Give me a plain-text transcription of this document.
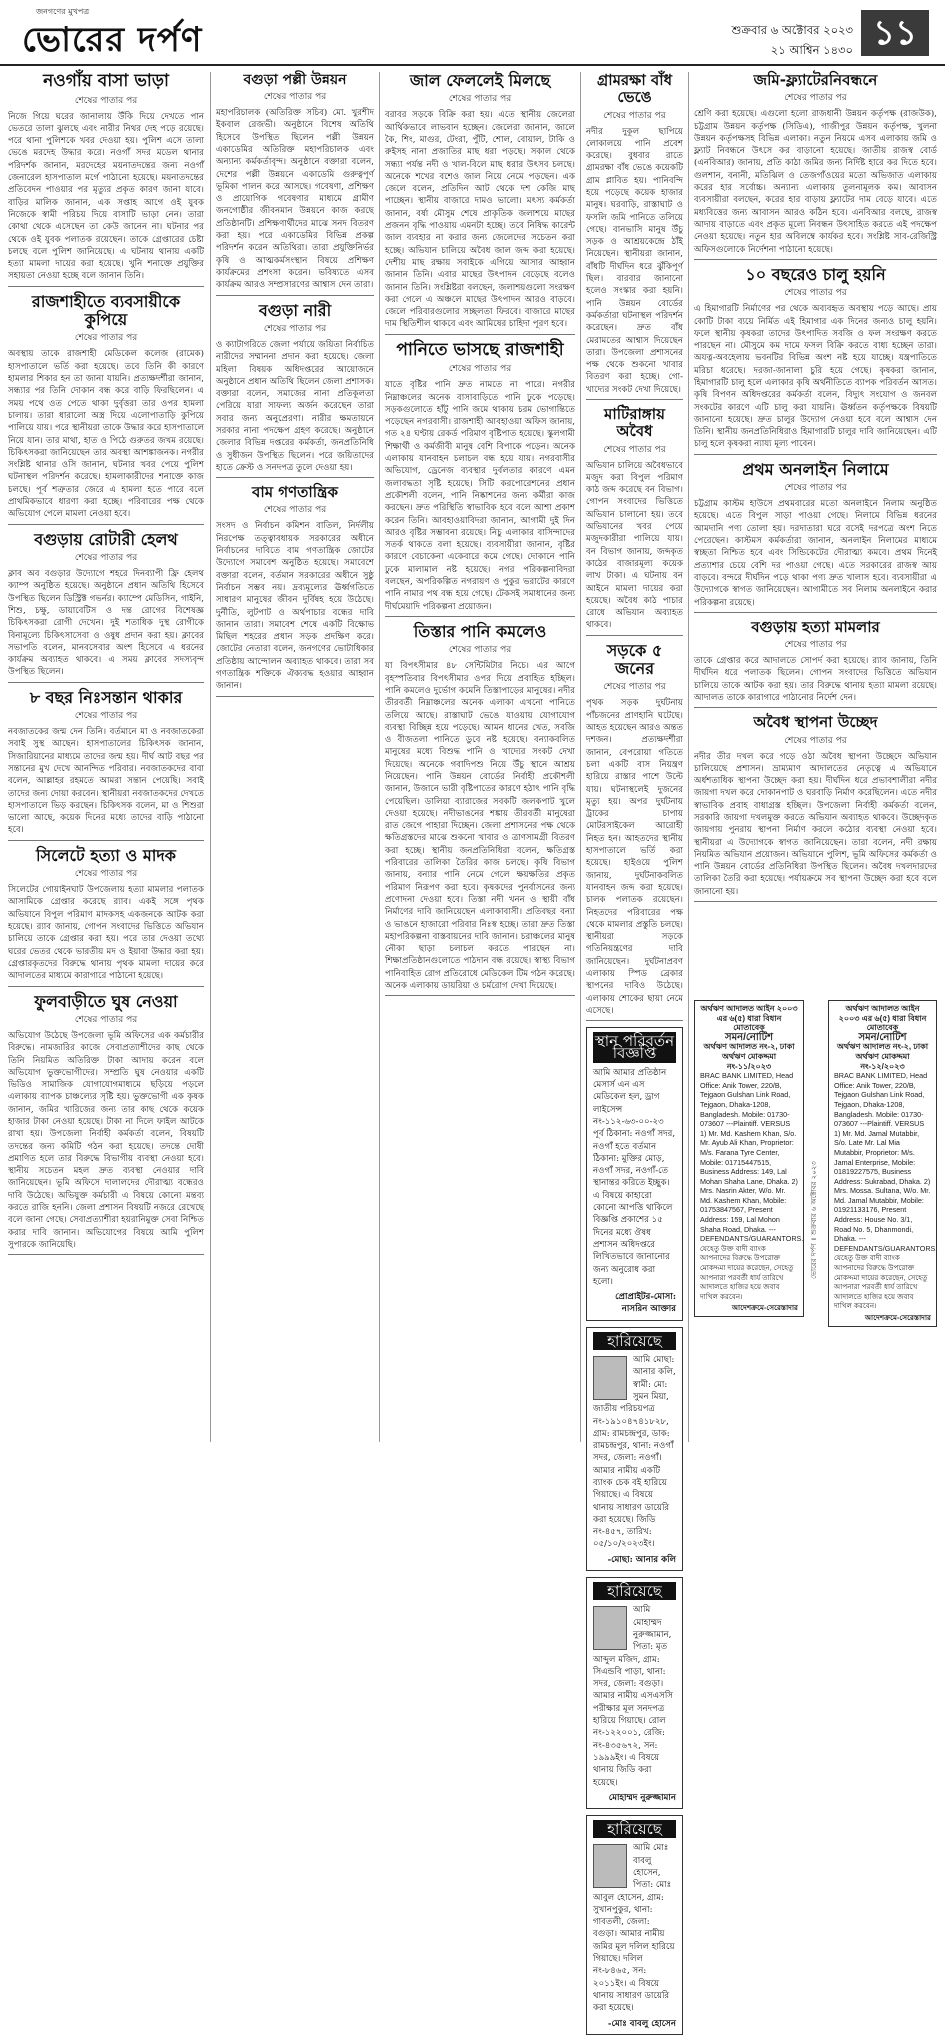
জনগণের মুখপত্র
ভোরের দর্পণ	শুক্রবার ৬ অক্টোবর ২০২৩
২১ আশ্বিন ১৪৩০ ১১
নওগাঁয় বাসা ভাড়া
শেষের পাতার পর
নিজে গিয়ে ঘরের জানালায় উঁকি দিয়ে দেখতে পান ভেতরে তালা ঝুলছে এবং নারীর নিথর দেহ পড়ে রয়েছে। পরে থানা পুলিশকে খবর দেওয়া হয়। পুলিশ এসে তালা ভেঙে মরদেহ উদ্ধার করে। নওগাঁ সদর মডেল থানার পরিদর্শক জানান, মরদেহের ময়নাতদন্তের জন্য নওগাঁ জেনারেল হাসপাতাল মর্গে পাঠানো হয়েছে। ময়নাতদন্তের প্রতিবেদন পাওয়ার পর মৃত্যুর প্রকৃত কারণ জানা যাবে। বাড়ির মালিক জানান, এক সপ্তাহ আগে ওই যুবক নিজেকে স্বামী পরিচয় দিয়ে বাসাটি ভাড়া নেন। তারা কোথা থেকে এসেছেন তা কেউ জানেন না। ঘটনার পর থেকে ওই যুবক পলাতক রয়েছেন। তাকে গ্রেপ্তারের চেষ্টা চলছে বলে পুলিশ জানিয়েছে। এ ঘটনায় থানায় একটি হত্যা মামলা দায়ের করা হয়েছে। খুনি শনাক্তে প্রযুক্তির সহায়তা নেওয়া হচ্ছে বলে জানান তিনি।
রাজশাহীতে ব্যবসায়ীকে কুপিয়ে
শেষের পাতার পর
অবস্থায় তাকে রাজশাহী মেডিকেল কলেজ (রামেক) হাসপাতালে ভর্তি করা হয়েছে। তবে তিনি কী কারণে হামলার শিকার হন তা জানা যায়নি। প্রত্যক্ষদর্শীরা জানান, সন্ধ্যার পর তিনি দোকান বন্ধ করে বাড়ি ফিরছিলেন। এ সময় পথে ওত পেতে থাকা দুর্বৃত্তরা তার ওপর হামলা চালায়। তারা ধারালো অস্ত্র দিয়ে এলোপাতাড়ি কুপিয়ে পালিয়ে যায়। পরে স্থানীয়রা তাকে উদ্ধার করে হাসপাতালে নিয়ে যান। তার মাথা, হাত ও পিঠে গুরুতর জখম রয়েছে। চিকিৎসকরা জানিয়েছেন তার অবস্থা আশঙ্কাজনক। নগরীর সংশ্লিষ্ট থানার ওসি জানান, ঘটনার খবর পেয়ে পুলিশ ঘটনাস্থল পরিদর্শন করেছে। হামলাকারীদের শনাক্তে কাজ চলছে। পূর্ব শত্রুতার জেরে এ হামলা হতে পারে বলে প্রাথমিকভাবে ধারণা করা হচ্ছে। পরিবারের পক্ষ থেকে অভিযোগ পেলে মামলা নেওয়া হবে।
বগুড়ায় রোটারী হেলথ
শেষের পাতার পর
ক্লাব অব বগুড়ার উদ্যোগে শহরে দিনব্যাপী ফ্রি হেলথ ক্যাম্প অনুষ্ঠিত হয়েছে। অনুষ্ঠানে প্রধান অতিথি হিসেবে উপস্থিত ছিলেন ডিস্ট্রিক্ট গভর্নর। ক্যাম্পে মেডিসিন, গাইনি, শিশু, চক্ষু, ডায়াবেটিস ও দন্ত রোগের বিশেষজ্ঞ চিকিৎসকরা রোগী দেখেন। দুই শতাধিক দুস্থ রোগীকে বিনামূল্যে চিকিৎসাসেবা ও ওষুধ প্রদান করা হয়। ক্লাবের সভাপতি বলেন, মানবসেবার অংশ হিসেবে এ ধরনের কার্যক্রম অব্যাহত থাকবে। এ সময় ক্লাবের সদস্যবৃন্দ উপস্থিত ছিলেন।
৮ বছর নিঃসন্তান থাকার
শেষের পাতার পর
নবজাতকের জন্ম দেন তিনি। বর্তমানে মা ও নবজাতকেরা সবাই সুস্থ আছেন। হাসপাতালের চিকিৎসক জানান, সিজারিয়ানের মাধ্যমে তাদের জন্ম হয়। দীর্ঘ আট বছর পর সন্তানের মুখ দেখে আনন্দিত পরিবার। নবজাতকদের বাবা বলেন, আল্লাহর রহমতে আমরা সন্তান পেয়েছি। সবাই তাদের জন্য দোয়া করবেন। স্থানীয়রা নবজাতকদের দেখতে হাসপাতালে ভিড় করছেন। চিকিৎসক বলেন, মা ও শিশুরা ভালো আছে, কয়েক দিনের মধ্যে তাদের বাড়ি পাঠানো হবে।
সিলেটে হত্যা ও মাদক
শেষের পাতার পর
সিলেটের গোয়াইনঘাট উপজেলায় হত্যা মামলার পলাতক আসামিকে গ্রেপ্তার করেছে র‍্যাব। একই সঙ্গে পৃথক অভিযানে বিপুল পরিমাণ মাদকসহ একজনকে আটক করা হয়েছে। র‍্যাব জানায়, গোপন সংবাদের ভিত্তিতে অভিযান চালিয়ে তাকে গ্রেপ্তার করা হয়। পরে তার দেওয়া তথ্যে ঘরের ভেতর থেকে ভারতীয় মদ ও ইয়াবা উদ্ধার করা হয়। গ্রেপ্তারকৃতদের বিরুদ্ধে থানায় পৃথক মামলা দায়ের করে আদালতের মাধ্যমে কারাগারে পাঠানো হয়েছে।
ফুলবাড়ীতে ঘুষ নেওয়া
শেষের পাতার পর
অভিযোগ উঠেছে উপজেলা ভূমি অফিসের এক কর্মচারীর বিরুদ্ধে। নামজারির কাজে সেবাপ্রত্যাশীদের কাছ থেকে তিনি নিয়মিত অতিরিক্ত টাকা আদায় করেন বলে অভিযোগ ভুক্তভোগীদের। সম্প্রতি ঘুষ নেওয়ার একটি ভিডিও সামাজিক যোগাযোগমাধ্যমে ছড়িয়ে পড়লে এলাকায় ব্যাপক চাঞ্চল্যের সৃষ্টি হয়। ভুক্তভোগী এক কৃষক জানান, জমির খারিজের জন্য তার কাছ থেকে কয়েক হাজার টাকা নেওয়া হয়েছে। টাকা না দিলে ফাইল আটকে রাখা হয়। উপজেলা নির্বাহী কর্মকর্তা বলেন, বিষয়টি তদন্তের জন্য কমিটি গঠন করা হয়েছে। তদন্তে দোষী প্রমাণিত হলে তার বিরুদ্ধে বিভাগীয় ব্যবস্থা নেওয়া হবে। স্থানীয় সচেতন মহল দ্রুত ব্যবস্থা নেওয়ার দাবি জানিয়েছেন। ভূমি অফিসে দালালদের দৌরাত্ম্য বন্ধেরও দাবি উঠেছে। অভিযুক্ত কর্মচারী এ বিষয়ে কোনো মন্তব্য করতে রাজি হননি। জেলা প্রশাসন বিষয়টি নজরে রেখেছে বলে জানা গেছে। সেবাপ্রত্যাশীরা হয়রানিমুক্ত সেবা নিশ্চিত করার দাবি জানান। অভিযোগের বিষয়ে আমি পুলিশ সুপারকে জানিয়েছি।
বগুড়া পল্লী উন্নয়ন
শেষের পাতার পর
মহাপরিচালক (অতিরিক্ত সচিব) মো. খুরশীদ ইকবাল রেজভী। অনুষ্ঠানে বিশেষ অতিথি হিসেবে উপস্থিত ছিলেন পল্লী উন্নয়ন একাডেমির অতিরিক্ত মহাপরিচালক এবং অন্যান্য কর্মকর্তাবৃন্দ। অনুষ্ঠানে বক্তারা বলেন, দেশের পল্লী উন্নয়নে একাডেমি গুরুত্বপূর্ণ ভূমিকা পালন করে আসছে। গবেষণা, প্রশিক্ষণ ও প্রায়োগিক গবেষণার মাধ্যমে গ্রামীণ জনগোষ্ঠীর জীবনমান উন্নয়নে কাজ করছে প্রতিষ্ঠানটি। প্রশিক্ষণার্থীদের মাঝে সনদ বিতরণ করা হয়। পরে একাডেমির বিভিন্ন প্রকল্প পরিদর্শন করেন অতিথিরা। তারা প্রযুক্তিনির্ভর কৃষি ও আত্মকর্মসংস্থান বিষয়ে প্রশিক্ষণ কার্যক্রমের প্রশংসা করেন। ভবিষ্যতে এসব কার্যক্রম আরও সম্প্রসারণের আশ্বাস দেন তারা।
বগুড়া নারী
শেষের পাতার পর
ও ক্যাটাগরিতে জেলা পর্যায়ে জয়িতা নির্বাচিত নারীদের সম্মাননা প্রদান করা হয়েছে। জেলা মহিলা বিষয়ক অধিদপ্তরের আয়োজনে অনুষ্ঠানে প্রধান অতিথি ছিলেন জেলা প্রশাসক। বক্তারা বলেন, সমাজের নানা প্রতিকূলতা পেরিয়ে যারা সাফল্য অর্জন করেছেন তারা সবার জন্য অনুপ্রেরণা। নারীর ক্ষমতায়নে সরকার নানা পদক্ষেপ গ্রহণ করেছে। অনুষ্ঠানে জেলার বিভিন্ন দপ্তরের কর্মকর্তা, জনপ্রতিনিধি ও সুধীজন উপস্থিত ছিলেন। পরে জয়িতাদের হাতে ক্রেস্ট ও সনদপত্র তুলে দেওয়া হয়।
বাম গণতান্ত্রিক
শেষের পাতার পর
সংসদ ও নির্বাচন কমিশন বাতিল, নির্দলীয় নিরপেক্ষ তত্ত্বাবধায়ক সরকারের অধীনে নির্বাচনের দাবিতে বাম গণতান্ত্রিক জোটের উদ্যোগে সমাবেশ অনুষ্ঠিত হয়েছে। সমাবেশে বক্তারা বলেন, বর্তমান সরকারের অধীনে সুষ্ঠু নির্বাচন সম্ভব নয়। দ্রব্যমূল্যের ঊর্ধ্বগতিতে সাধারণ মানুষের জীবন দুর্বিষহ হয়ে উঠেছে। দুর্নীতি, লুটপাট ও অর্থপাচার বন্ধের দাবি জানান তারা। সমাবেশ শেষে একটি বিক্ষোভ মিছিল শহরের প্রধান সড়ক প্রদক্ষিণ করে। জোটের নেতারা বলেন, জনগণের ভোটাধিকার প্রতিষ্ঠায় আন্দোলন অব্যাহত থাকবে। তারা সব গণতান্ত্রিক শক্তিকে ঐক্যবদ্ধ হওয়ার আহ্বান জানান।
জাল ফেললেই মিলছে
শেষের পাতার পর
বরাবর সড়কে বিক্রি করা হয়। এতে স্থানীয় জেলেরা আর্থিকভাবে লাভবান হচ্ছেন। জেলেরা জানান, জালে কৈ, শিং, মাগুর, টেংরা, পুঁটি, শোল, বোয়াল, টাকি ও রুইসহ নানা প্রজাতির মাছ ধরা পড়ছে। সকাল থেকে সন্ধ্যা পর্যন্ত নদী ও খাল-বিলে মাছ ধরার উৎসব চলছে। অনেকে শখের বশেও জাল নিয়ে নেমে পড়ছেন। এক জেলে বলেন, প্রতিদিন আট থেকে দশ কেজি মাছ পাচ্ছেন। স্থানীয় বাজারে দামও ভালো। মৎস্য কর্মকর্তা জানান, বর্ষা মৌসুম শেষে প্রাকৃতিক জলাশয়ে মাছের প্রজনন বৃদ্ধি পাওয়ায় এমনটা হচ্ছে। তবে নিষিদ্ধ কারেন্ট জাল ব্যবহার না করার জন্য জেলেদের সচেতন করা হচ্ছে। অভিযান চালিয়ে অবৈধ জাল জব্দ করা হয়েছে। দেশীয় মাছ রক্ষায় সবাইকে এগিয়ে আসার আহ্বান জানান তিনি। এবার মাছের উৎপাদন বেড়েছে বলেও জানান তিনি। সংশ্লিষ্টরা বলছেন, জলাশয়গুলো সংরক্ষণ করা গেলে এ অঞ্চলে মাছের উৎপাদন আরও বাড়বে। জেলে পরিবারগুলোর সচ্ছলতা ফিরবে। বাজারে মাছের দাম স্থিতিশীল থাকবে এবং আমিষের চাহিদা পূরণ হবে।
পানিতে ভাসছে রাজশাহী
শেষের পাতার পর
যাতে বৃষ্টির পানি দ্রুত নামতে না পারে। নগরীর নিম্নাঞ্চলের অনেক বাসাবাড়িতে পানি ঢুকে পড়েছে। সড়কগুলোতে হাঁটু পানি জমে থাকায় চরম ভোগান্তিতে পড়েছেন নগরবাসী। রাজশাহী আবহাওয়া অফিস জানায়, গত ২৪ ঘণ্টায় রেকর্ড পরিমাণ বৃষ্টিপাত হয়েছে। স্কুলগামী শিক্ষার্থী ও কর্মজীবী মানুষ বেশি বিপাকে পড়েন। অনেক এলাকায় যানবাহন চলাচল বন্ধ হয়ে যায়। নগরবাসীর অভিযোগ, ড্রেনেজ ব্যবস্থার দুর্বলতার কারণে এমন জলাবদ্ধতা সৃষ্টি হয়েছে। সিটি করপোরেশনের প্রধান প্রকৌশলী বলেন, পানি নিষ্কাশনের জন্য কর্মীরা কাজ করছেন। দ্রুত পরিস্থিতি স্বাভাবিক হবে বলে আশা প্রকাশ করেন তিনি। আবহাওয়াবিদরা জানান, আগামী দুই দিন আরও বৃষ্টির সম্ভাবনা রয়েছে। নিচু এলাকার বাসিন্দাদের সতর্ক থাকতে বলা হয়েছে। ব্যবসায়ীরা জানান, বৃষ্টির কারণে বেচাকেনা একেবারে কমে গেছে। দোকানে পানি ঢুকে মালামাল নষ্ট হয়েছে। নগর পরিকল্পনাবিদরা বলছেন, অপরিকল্পিত নগরায়ণ ও পুকুর ভরাটের কারণে পানি নামার পথ বন্ধ হয়ে গেছে। টেকসই সমাধানের জন্য দীর্ঘমেয়াদি পরিকল্পনা প্রয়োজন।
তিস্তার পানি কমলেও
শেষের পাতার পর
যা বিপৎসীমার ৪৮ সেন্টিমিটার নিচে। এর আগে বৃহস্পতিবার বিপৎসীমার ওপর দিয়ে প্রবাহিত হচ্ছিল। পানি কমলেও দুর্ভোগ কমেনি তিস্তাপাড়ের মানুষের। নদীর তীরবর্তী নিম্নাঞ্চলের অনেক এলাকা এখনো পানিতে তলিয়ে আছে। রাস্তাঘাট ভেঙে যাওয়ায় যোগাযোগ ব্যবস্থা বিচ্ছিন্ন হয়ে পড়েছে। আমন ধানের খেত, সবজি ও বীজতলা পানিতে ডুবে নষ্ট হয়েছে। বন্যাকবলিত মানুষের মধ্যে বিশুদ্ধ পানি ও খাদ্যের সংকট দেখা দিয়েছে। অনেকে গবাদিপশু নিয়ে উঁচু স্থানে আশ্রয় নিয়েছেন। পানি উন্নয়ন বোর্ডের নির্বাহী প্রকৌশলী জানান, উজানে ভারী বৃষ্টিপাতের কারণে হঠাৎ পানি বৃদ্ধি পেয়েছিল। ডালিয়া ব্যারাজের সবকটি জলকপাট খুলে দেওয়া হয়েছে। নদীভাঙনের শঙ্কায় তীরবর্তী মানুষেরা রাত জেগে পাহারা দিচ্ছেন। জেলা প্রশাসনের পক্ষ থেকে ক্ষতিগ্রস্তদের মাঝে শুকনো খাবার ও ত্রাণসামগ্রী বিতরণ করা হচ্ছে। স্থানীয় জনপ্রতিনিধিরা বলেন, ক্ষতিগ্রস্ত পরিবারের তালিকা তৈরির কাজ চলছে। কৃষি বিভাগ জানায়, বন্যার পানি নেমে গেলে ক্ষয়ক্ষতির প্রকৃত পরিমাণ নিরূপণ করা হবে। কৃষকদের পুনর্বাসনের জন্য প্রণোদনা দেওয়া হবে। তিস্তা নদী খনন ও স্থায়ী বাঁধ নির্মাণের দাবি জানিয়েছেন এলাকাবাসী। প্রতিবছর বন্যা ও ভাঙনে হাজারো পরিবার নিঃস্ব হচ্ছে। তারা দ্রুত তিস্তা মহাপরিকল্পনা বাস্তবায়নের দাবি জানান। চরাঞ্চলের মানুষ নৌকা ছাড়া চলাচল করতে পারছেন না। শিক্ষাপ্রতিষ্ঠানগুলোতে পাঠদান বন্ধ রয়েছে। স্বাস্থ্য বিভাগ পানিবাহিত রোগ প্রতিরোধে মেডিকেল টিম গঠন করেছে। অনেক এলাকায় ডায়রিয়া ও চর্মরোগ দেখা দিয়েছে।
গ্রামরক্ষা বাঁধ ভেঙে
শেষের পাতার পর
নদীর দুকূল ছাপিয়ে লোকালয়ে পানি প্রবেশ করেছে। বুধবার রাতে গ্রামরক্ষা বাঁধ ভেঙে কয়েকটি গ্রাম প্লাবিত হয়। পানিবন্দি হয়ে পড়েছে কয়েক হাজার মানুষ। ঘরবাড়ি, রাস্তাঘাট ও ফসলি জমি পানিতে তলিয়ে গেছে। বানভাসি মানুষ উঁচু সড়ক ও আশ্রয়কেন্দ্রে ঠাঁই নিয়েছেন। স্থানীয়রা জানান, বাঁধটি দীর্ঘদিন ধরে ঝুঁকিপূর্ণ ছিল। বারবার জানানো হলেও সংস্কার করা হয়নি। পানি উন্নয়ন বোর্ডের কর্মকর্তারা ঘটনাস্থল পরিদর্শন করেছেন। দ্রুত বাঁধ মেরামতের আশ্বাস দিয়েছেন তারা। উপজেলা প্রশাসনের পক্ষ থেকে শুকনো খাবার বিতরণ করা হচ্ছে। গো-খাদ্যের সংকট দেখা দিয়েছে।
মাটিরাঙ্গায় অবৈধ
শেষের পাতার পর
অভিযান চালিয়ে অবৈধভাবে মজুদ করা বিপুল পরিমাণ কাঠ জব্দ করেছে বন বিভাগ। গোপন সংবাদের ভিত্তিতে অভিযান চালানো হয়। তবে অভিযানের খবর পেয়ে মজুদকারীরা পালিয়ে যায়। বন বিভাগ জানায়, জব্দকৃত কাঠের বাজারমূল্য কয়েক লাখ টাকা। এ ঘটনায় বন আইনে মামলা দায়ের করা হয়েছে। অবৈধ কাঠ পাচার রোধে অভিযান অব্যাহত থাকবে।
সড়কে ৫ জনের
শেষের পাতার পর
পৃথক সড়ক দুর্ঘটনায় পাঁচজনের প্রাণহানি ঘটেছে। আহত হয়েছেন আরও অন্তত দশজন। প্রত্যক্ষদর্শীরা জানান, বেপরোয়া গতিতে চলা একটি বাস নিয়ন্ত্রণ হারিয়ে রাস্তার পাশে উল্টে যায়। ঘটনাস্থলেই দুজনের মৃত্যু হয়। অপর দুর্ঘটনায় ট্রাকের চাপায় মোটরসাইকেল আরোহী নিহত হন। আহতদের স্থানীয় হাসপাতালে ভর্তি করা হয়েছে। হাইওয়ে পুলিশ জানায়, দুর্ঘটনাকবলিত যানবাহন জব্দ করা হয়েছে। চালক পলাতক রয়েছেন। নিহতদের পরিবারের পক্ষ থেকে মামলার প্রস্তুতি চলছে। স্থানীয়রা সড়কে গতিনিয়ন্ত্রণের দাবি জানিয়েছেন। দুর্ঘটনাপ্রবণ এলাকায় স্পিড ব্রেকার স্থাপনের দাবিও উঠেছে। এলাকায় শোকের ছায়া নেমে এসেছে।
স্থান পরিবর্তন বিজ্ঞপ্তি
আমি আমার প্রতিষ্ঠান মেসার্স এন এস মেডিকেল হল, ড্রাগ লাইসেন্স নং-১১২-৬৩-০০-২৩ পূর্ব ঠিকানা: নওগাঁ সদর, নওগাঁ হতে বর্তমান ঠিকানা: মুক্তির মোড়, নওগাঁ সদর, নওগাঁ-তে স্থানান্তর করিতে ইচ্ছুক। এ বিষয়ে কাহারো কোনো আপত্তি থাকিলে বিজ্ঞপ্তি প্রকাশের ১৫ দিনের মধ্যে ঔষধ প্রশাসন অধিদপ্তরে লিখিতভাবে জানানোর জন্য অনুরোধ করা হলো।
প্রোপ্রাইটর-মোসা: নাসরিন আক্তার
হারিয়েছে
আমি মোছা: আনার কলি, স্বামী: মো: সুমন মিয়া, জাতীয় পরিচয়পত্র নং-১৯১০৪৭৪১৮২৮, গ্রাম: রামচন্দ্রপুর, ডাক: রামচন্দ্রপুর, থানা: নওগাঁ সদর, জেলা: নওগাঁ। আমার নামীয় একটি ব্যাংক চেক বই হারিয়ে গিয়াছে। এ বিষয়ে থানায় সাধারণ ডায়েরি করা হয়েছে। জিডি নং-৪৫৭, তারিখ: ০৫/১০/২০২৩ইং।
-মোছা: আনার কলি
হারিয়েছে
আমি মোহাম্মদ নুরুজ্জামান, পিতা: মৃত আব্দুল মজিদ, গ্রাম: সিএন্ডবি পাড়া, থানা: সদর, জেলা: বগুড়া। আমার নামীয় এসএসসি পরীক্ষার মূল সনদপত্র হারিয়ে গিয়াছে। রোল নং-১২২০০১, রেজি: নং-৪৩৫৬৭২, সন: ১৯৯৯ইং। এ বিষয়ে থানায় জিডি করা হয়েছে।
মোহাম্মদ নুরুজ্জামান
হারিয়েছে
আমি মোঃ বাবলু হোসেন, পিতা: মোঃ আবুল হোসেন, গ্রাম: সুখানপুকুর, থানা: গাবতলী, জেলা: বগুড়া। আমার নামীয় জমির মূল দলিল হারিয়ে গিয়াছে। দলিল নং-৮৪৬৫, সন: ২০১১ইং। এ বিষয়ে থানায় সাধারণ ডায়েরি করা হয়েছে।
-মোঃ বাবলু হোসেন
জমি-ফ্ল্যাটেরনিবন্ধনে
শেষের পাতার পর
শ্রেণি করা হয়েছে। এগুলো হলো রাজধানী উন্নয়ন কর্তৃপক্ষ (রাজউক), চট্টগ্রাম উন্নয়ন কর্তৃপক্ষ (সিডিএ), গাজীপুর উন্নয়ন কর্তৃপক্ষ, খুলনা উন্নয়ন কর্তৃপক্ষসহ বিভিন্ন এলাকা। নতুন নিয়মে এসব এলাকায় জমি ও ফ্ল্যাট নিবন্ধনে উৎসে কর বাড়ানো হয়েছে। জাতীয় রাজস্ব বোর্ড (এনবিআর) জানায়, প্রতি কাঠা জমির জন্য নির্দিষ্ট হারে কর দিতে হবে। গুলশান, বনানী, মতিঝিল ও তেজগাঁওয়ের মতো অভিজাত এলাকায় করের হার সর্বোচ্চ। অন্যান্য এলাকায় তুলনামূলক কম। আবাসন ব্যবসায়ীরা বলছেন, করের হার বাড়ায় ফ্ল্যাটের দাম বেড়ে যাবে। এতে মধ্যবিত্তের জন্য আবাসন আরও কঠিন হবে। এনবিআর বলছে, রাজস্ব আদায় বাড়াতে এবং প্রকৃত মূল্যে নিবন্ধন উৎসাহিত করতে এই পদক্ষেপ নেওয়া হয়েছে। নতুন হার অবিলম্বে কার্যকর হবে। সংশ্লিষ্ট সাব-রেজিস্ট্রি অফিসগুলোকে নির্দেশনা পাঠানো হয়েছে।
১০ বছরেও চালু হয়নি
শেষের পাতার পর
এ হিমাগারটি নির্মাণের পর থেকে অব্যবহৃত অবস্থায় পড়ে আছে। প্রায় কোটি টাকা ব্যয়ে নির্মিত এই হিমাগার এক দিনের জন্যও চালু হয়নি। ফলে স্থানীয় কৃষকরা তাদের উৎপাদিত সবজি ও ফল সংরক্ষণ করতে পারছেন না। মৌসুমে কম দামে ফসল বিক্রি করতে বাধ্য হচ্ছেন তারা। অযত্ন-অবহেলায় ভবনটির বিভিন্ন অংশ নষ্ট হয়ে যাচ্ছে। যন্ত্রপাতিতে মরিচা ধরেছে। দরজা-জানালা চুরি হয়ে গেছে। কৃষকরা জানান, হিমাগারটি চালু হলে এলাকার কৃষি অর্থনীতিতে ব্যাপক পরিবর্তন আসত। কৃষি বিপণন অধিদপ্তরের কর্মকর্তা বলেন, বিদ্যুৎ সংযোগ ও জনবল সংকটের কারণে এটি চালু করা যায়নি। ঊর্ধ্বতন কর্তৃপক্ষকে বিষয়টি জানানো হয়েছে। দ্রুত চালুর উদ্যোগ নেওয়া হবে বলে আশ্বাস দেন তিনি। স্থানীয় জনপ্রতিনিধিরাও হিমাগারটি চালুর দাবি জানিয়েছেন। এটি চালু হলে কৃষকরা ন্যায্য মূল্য পাবেন।
প্রথম অনলাইন নিলামে
শেষের পাতার পর
চট্টগ্রাম কাস্টম হাউসে প্রথমবারের মতো অনলাইনে নিলাম অনুষ্ঠিত হয়েছে। এতে বিপুল সাড়া পাওয়া গেছে। নিলামে বিভিন্ন ধরনের আমদানি পণ্য তোলা হয়। দরদাতারা ঘরে বসেই দরপত্রে অংশ নিতে পেরেছেন। কাস্টমস কর্মকর্তারা জানান, অনলাইন নিলামের মাধ্যমে স্বচ্ছতা নিশ্চিত হবে এবং সিন্ডিকেটের দৌরাত্ম্য কমবে। প্রথম দিনেই প্রত্যাশার চেয়ে বেশি দর পাওয়া গেছে। এতে সরকারের রাজস্ব আয় বাড়বে। বন্দরে দীর্ঘদিন পড়ে থাকা পণ্য দ্রুত খালাস হবে। ব্যবসায়ীরা এ উদ্যোগকে স্বাগত জানিয়েছেন। আগামীতে সব নিলাম অনলাইনে করার পরিকল্পনা রয়েছে।
বগুড়ায় হত্যা মামলার
শেষের পাতার পর
তাকে গ্রেপ্তার করে আদালতে সোপর্দ করা হয়েছে। র‍্যাব জানায়, তিনি দীর্ঘদিন ধরে পলাতক ছিলেন। গোপন সংবাদের ভিত্তিতে অভিযান চালিয়ে তাকে আটক করা হয়। তার বিরুদ্ধে থানায় হত্যা মামলা রয়েছে। আদালত তাকে কারাগারে পাঠানোর নির্দেশ দেন।
অবৈধ স্থাপনা উচ্ছেদ
শেষের পাতার পর
নদীর তীর দখল করে গড়ে ওঠা অবৈধ স্থাপনা উচ্ছেদে অভিযান চালিয়েছে প্রশাসন। ভ্রাম্যমাণ আদালতের নেতৃত্বে এ অভিযানে অর্ধশতাধিক স্থাপনা উচ্ছেদ করা হয়। দীর্ঘদিন ধরে প্রভাবশালীরা নদীর জায়গা দখল করে দোকানপাট ও ঘরবাড়ি নির্মাণ করেছিলেন। এতে নদীর স্বাভাবিক প্রবাহ বাধাগ্রস্ত হচ্ছিল। উপজেলা নির্বাহী কর্মকর্তা বলেন, সরকারি জায়গা দখলমুক্ত করতে অভিযান অব্যাহত থাকবে। উচ্ছেদকৃত জায়গায় পুনরায় স্থাপনা নির্মাণ করলে কঠোর ব্যবস্থা নেওয়া হবে। স্থানীয়রা এ উদ্যোগকে স্বাগত জানিয়েছেন। তারা বলেন, নদী রক্ষায় নিয়মিত অভিযান প্রয়োজন। অভিযানে পুলিশ, ভূমি অফিসের কর্মকর্তা ও পানি উন্নয়ন বোর্ডের প্রতিনিধিরা উপস্থিত ছিলেন। অবৈধ দখলদারদের তালিকা তৈরি করা হয়েছে। পর্যায়ক্রমে সব স্থাপনা উচ্ছেদ করা হবে বলে জানানো হয়।
অর্থঋণ আদালত আইন ২০০৩ এর ৬(৫) ধারা বিধান মোতাবেক
সমন/নোটিশ
অর্থঋণ আদালত নং-২, ঢাকা
অর্থঋণ মোকদ্দমা নং-১২/২০২৩
BRAC BANK LIMITED, Head Office: Anik Tower, 220/B, Tejgaon Gulshan Link Road, Tejgaon, Dhaka-1208, Bangladesh. Mobile: 01730-073607 ---Plaintiff. VERSUS 1) Mr. Md. Jamal Mutabbir, S/o. Late Mr. Lal Mia Mutabbir, Proprietor: M/s. Jamal Enterprise, Mobile: 01819227575, Business Address: Sukrabad, Dhaka. 2) Mrs. Mossa. Sultana, W/o. Mr. Md. Jamal Mutabbir, Mobile: 01921133176, Present Address: House No. 3/1, Road No. 5, Dhanmondi, Dhaka. ---DEFENDANTS/GUARANTORS. যেহেতু উক্ত বাদী ব্যাংক আপনাদের বিরুদ্ধে উপরোক্ত মোকদ্দমা দায়ের করেছেন, সেহেতু আপনারা পরবর্তী ধার্য তারিখে আদালতে হাজির হয়ে জবাব দাখিল করবেন।
আদেশক্রমে-সেরেস্তাদার
অর্থঋণ আদালত আইন ২০০৩ এর ৬(৫) ধারা বিধান মোতাবেক
সমন/নোটিশ
অর্থঋণ আদালত নং-২, ঢাকা
অর্থঋণ মোকদ্দমা নং-১১/২০২৩
BRAC BANK LIMITED, Head Office: Anik Tower, 220/B, Tejgaon Gulshan Link Road, Tejgaon, Dhaka-1208, Bangladesh. Mobile: 01730-073607 ---Plaintiff. VERSUS 1) Mr. Md. Kashem Khan, S/o. Mr. Ayub Ali Khan, Proprietor: M/s. Farana Tyre Center, Mobile: 01715447515, Business Address: 149, Lal Mohan Shaha Lane, Dhaka. 2) Mrs. Nasrin Akter, W/o. Mr. Md. Kashem Khan, Mobile: 01753847567, Present Address: 159, Lal Mohon Shaha Road, Dhaka. ---DEFENDANTS/GUARANTORS. যেহেতু উক্ত বাদী ব্যাংক আপনাদের বিরুদ্ধে উপরোক্ত মোকদ্দমা দায়ের করেছেন, সেহেতু আপনারা পরবর্তী ধার্য তারিখে আদালতে হাজির হয়ে জবাব দাখিল করবেন।
আদেশক্রমে-সেরেস্তাদার
ভোরের দর্পণ ॥ শুক্রবার ৬ অক্টোবর ২০২৩
